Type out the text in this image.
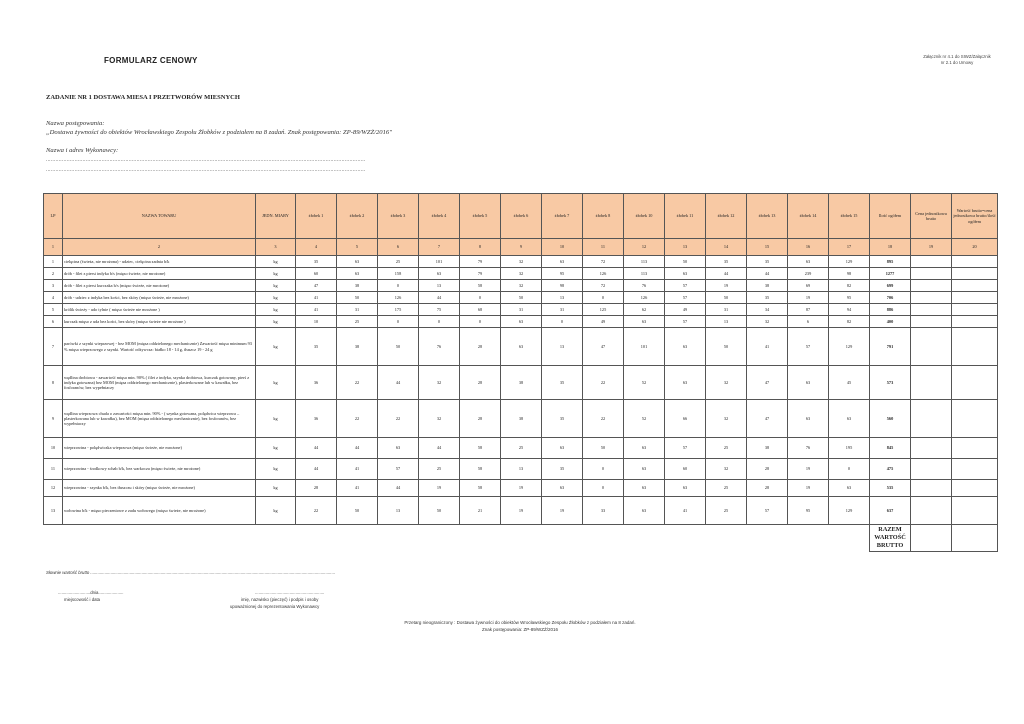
FORMULARZ CENOWY	Załącznik nr 4.1 do SIWZ/Załącznik
nr 2.1 do Umowy
ZADANIE NR 1 DOSTAWA MIESA I PRZETWORÓW MIESNYCH
Nazwa postępowania:
„Dostawa żywności do obiektów Wrocławskiego Zespołu Żłobków z podziałem na 8 zadań. Znak postępowania: ZP-89/WZŻ/2016"
Nazwa i adres Wykonawcy:
.........................................................................................................................................................................................................
.........................................................................................................................................................................................................
LP	NAZWA TOWARU	JEDN. MIARY	żłobek 1	żłobek 2	żłobek 3	żłobek 4	żłobek 5	żłobek 6	żłobek 7	żłobek 8	żłobek 10	żłobek 11	żłobek 12	żłobek 13	żłobek 14	żłobek 15	Ilość ogółem	Cena jednostkowa brutto	Wartość brutto=cena jednostkowa brutto/ilość ogółem
1	2	3	4	5	6	7	8	9	10	11	12	13	14	15	16	17	18	19	20
1	cielęcina (świeża, nie mrożona) - udziec, cielęcina zadnia b/k	kg	35	63	25	101	79	32	63	72	113	50	35	35	63	129	895		
2	drób - filet z piersi indyka b/s (mięso świeże, nie mrożone)	kg	60	63	158	63	79	32	95	126	113	63	44	44	239	98	1277		
3	drób - filet z piersi kurczaka b/s (mięso świeże, nie mrożone)	kg	47	38	0	13	58	32	98	72	76	57	19	38	69	82	699		
4	drób - udziec z indyka bez kości, bez skóry (mięso świeże, nie mrożone)	kg	41	50	126	44	0	50	13	0	126	57	50	35	19	95	706		
5	królik świeży - udo tylnie ( mięso świeże nie mrożone )	kg	41	31	175	75	68	31	31	125	62	49	31	34	87	94	886		
6	kurczak mięso z uda bez kości, bez skóry (mięso świeże nie mrożone )	kg	10	25	0	0	0	63	0	49	63	57	13	32	6	82	400		
7	parówki z szynki wieprzowej - bez MOM (mięsa oddzielonego mechanicznie) Zawartość mięsa minimum 93 % mięsa wieprzowego z szynki. Wartość odżywcza: białko 18 - 14 g, tłuszcz 19 - 24 g	kg	35	38	50	76	28	63	13	47	101	63	50	41	57	129	791		
8	wędlina drobiowa - zawartość mięsa min. 90% ( filet z indyka, szynka drobiowa, kurczak gotowany, pierś z indyka gotowana) bez MOM (mięsa oddzielonego mechanicznie), plasterkowane lub w kawałku, bez fosforanów, bez wypełniaczy	kg	36	22	44	32	28	38	35	22	52	63	32	47	63	45	573		
9	wędlina wieprzowa chuda o zawartości mięsa min. 90% - ( szynka gotowana, polędwica wieprzowa – plasterkowana lub w kawałku), bez MOM (mięsa oddzielonego mechanicznie), bez fosforanów, bez wypełniaczy	kg	36	22	22	32	28	38	35	22	52	66	32	47	63	63	560		
10	wieprzowina - polędwiczka wieprzowa (mięso świeże, nie mrożone)	kg	44	44	63	44	58	25	63	50	63	57	25	38	76	195	845		
11	wieprzowina - środkowy schab b/k, bez warkocza (mięso świeże, nie mrożone)	kg	44	41	57	25	58	13	35	0	63	60	32	28	19	0	475		
12	wieprzowina - szynka b/k, bez tłuszczu i skóry (mięso świeże, nie mrożone)	kg	28	41	44	19	58	19	63	0	63	63	25	28	19	63	535		
13	wołowina b/k - mięso pieczeniowe z zadu wołowego (mięso świeże, nie mrożone)	kg	22	50	13	50	21	19	19	33	63	41	25	57	95	129	637		

																	RAZEM
WARTOŚĆ
BRUTTO		

Słownie wartość brutto .............................................................................................................................................................................................................
...........................dnia.....................
miejscowość i data
..........................................................
imię, nazwisko (pieczęć) i podpis i osoby
upoważnionej do reprezentowania Wykonawcy
Przetarg nieograniczony : Dostawa żywności do obiektów Wrocławskiego Zespołu Żłobków z podziałem na 8 zadań.
Znak postępowania: ZP-89/WZŻ/2016
